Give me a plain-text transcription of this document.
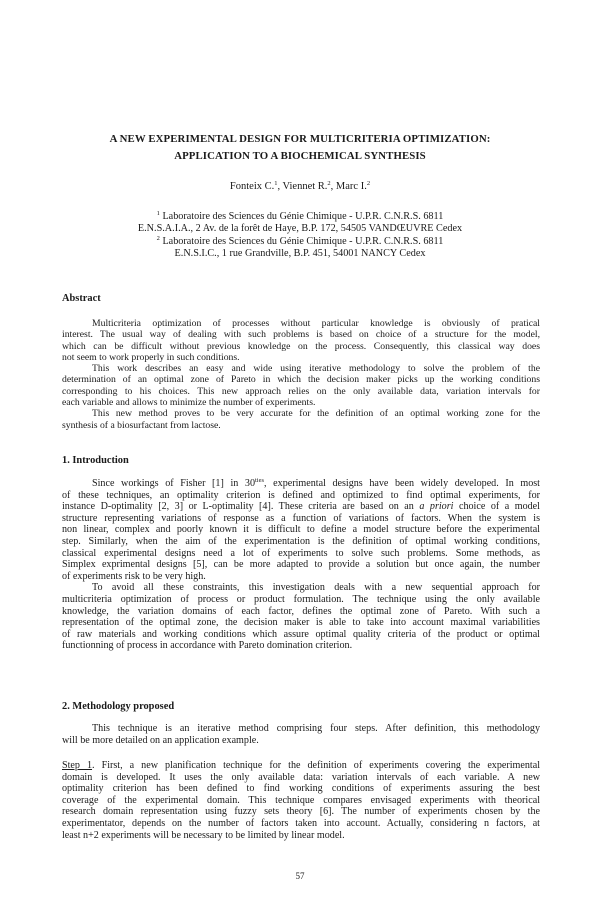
A NEW EXPERIMENTAL DESIGN FOR MULTICRITERIA OPTIMIZATION:
APPLICATION TO A BIOCHEMICAL SYNTHESIS
Fonteix C.$^1$, Viennet R.$^2$, Marc I.$^2$
$^1$ Laboratoire des Sciences du Génie Chimique - U.P.R. C.N.R.S. 6811
E.N.S.A.I.A., 2 Av. de la forêt de Haye, B.P. 172, 54505 VANDŒUVRE Cedex
$^2$ Laboratoire des Sciences du Génie Chimique - U.P.R. C.N.R.S. 6811
E.N.S.I.C., 1 rue Grandville, B.P. 451, 54001 NANCY Cedex
Abstract
Multicriteria optimization of processes without particular knowledge is obviously of pratical
interest. The usual way of dealing with such problems is based on choice of a structure for the model,
which can be difficult without previous knowledge on the process. Consequently, this classical way does
not seem to work properly in such conditions.
This work describes an easy and wide using iterative methodology to solve the problem of the
determination of an optimal zone of Pareto in which the decision maker picks up the working conditions
corresponding to his choices. This new approach relies on the only available data, variation intervals for
each variable and allows to minimize the number of experiments.
This new method proves to be very accurate for the definition of an optimal working zone for the
synthesis of a biosurfactant from lactose.
1. Introduction
Since workings of Fisher [1] in $30^{ties}$, experimental designs have been widely developed. In most
of these techniques, an optimality criterion is defined and optimized to find optimal experiments, for
instance D-optimality [2, 3] or L-optimality [4]. These criteria are based on an a priori choice of a model
structure representing variations of response as a function of variations of factors. When the system is
non linear, complex and poorly known it is difficult to define a model structure before the experimental
step. Similarly, when the aim of the experimentation is the definition of optimal working conditions,
classical experimental designs need a lot of experiments to solve such problems. Some methods, as
Simplex exprimental designs [5], can be more adapted to provide a solution but once again, the number
of experiments risk to be very high.
To avoid all these constraints, this investigation deals with a new sequential approach for
multicriteria optimization of process or product formulation. The technique using the only available
knowledge, the variation domains of each factor, defines the optimal zone of Pareto. With such a
representation of the optimal zone, the decision maker is able to take into account maximal variabilities
of raw materials and working conditions which assure optimal quality criteria of the product or optimal
functionning of process in accordance with Pareto domination criterion.
2. Methodology proposed
This technique is an iterative method comprising four steps. After definition, this methodology
will be more detailed on an application example.
Step 1. First, a new planification technique for the definition of experiments covering the experimental
domain is developed. It uses the only available data: variation intervals of each variable. A new
optimality criterion has been defined to find working conditions of experiments assuring the best
coverage of the experimental domain. This technique compares envisaged experiments with theorical
research domain representation using fuzzy sets theory [6]. The number of experiments chosen by the
experimentator, depends on the number of factors taken into account. Actually, considering n factors, at
least n+2 experiments will be necessary to be limited by linear model.
57
